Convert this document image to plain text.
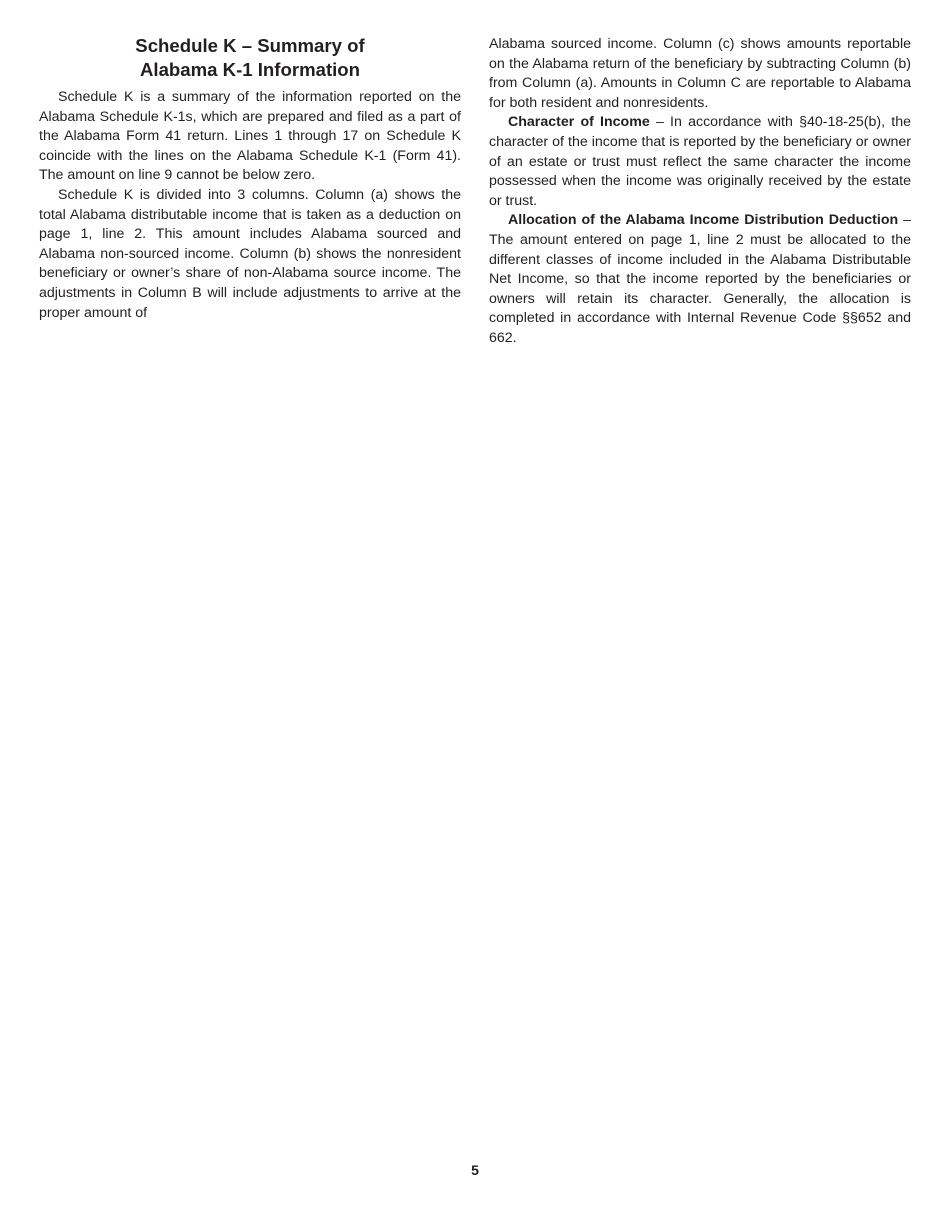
Schedule K – Summary of
Alabama K-1 Information

Schedule K is a summary of the information reported on the Alabama Schedule K-1s, which are prepared and filed as a part of the Alabama Form 41 return. Lines 1 through 17 on Schedule K coincide with the lines on the Alabama Schedule K-1 (Form 41). The amount on line 9 cannot be below zero.

Schedule K is divided into 3 columns. Column (a) shows the total Alabama distributable income that is taken as a deduction on page 1, line 2. This amount includes Alabama sourced and Alabama non-sourced income. Column (b) shows the nonresident beneficiary or owner’s share of non-Alabama source income. The adjustments in Column B will include adjustments to arrive at the proper amount of

Alabama sourced income. Column (c) shows amounts reportable on the Alabama return of the beneficiary by subtracting Column (b) from Column (a). Amounts in Column C are reportable to Alabama for both resident and nonresidents.

Character of Income – In accordance with §40-18-25(b), the character of the income that is reported by the beneficiary or owner of an estate or trust must reflect the same character the income possessed when the income was originally received by the estate or trust.

Allocation of the Alabama Income Distribution Deduction – The amount entered on page 1, line 2 must be allocated to the different classes of income included in the Alabama Distributable Net Income, so that the income reported by the beneficiaries or owners will retain its character. Generally, the allocation is completed in accordance with Internal Revenue Code §§652 and 662.

5
